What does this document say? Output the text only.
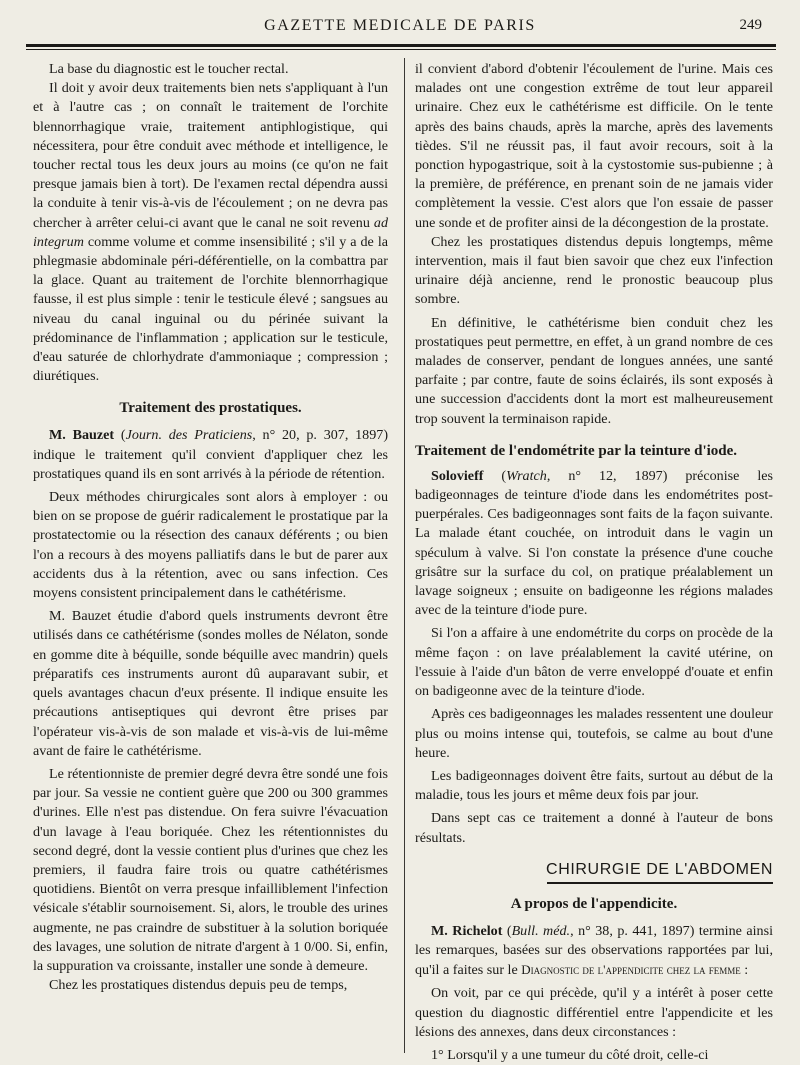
GAZETTE MEDICALE DE PARIS	249

La base du diagnostic est le toucher rectal.

Il doit y avoir deux traitements bien nets s'appliquant à l'un et à l'autre cas ; on connaît le traitement de l'orchite blennorrhagique vraie, traitement antiphlogistique, qui nécessitera, pour être conduit avec méthode et intelligence, le toucher rectal tous les deux jours au moins (ce qu'on ne fait presque jamais bien à tort). De l'examen rectal dépendra aussi la conduite à tenir vis-à-vis de l'écoulement ; on ne devra pas chercher à arrêter celui-ci avant que le canal ne soit revenu ad integrum comme volume et comme insensibilité ; s'il y a de la phlegmasie abdominale péri-déférentielle, on la combattra par la glace. Quant au traitement de l'orchite blennorrhagique fausse, il est plus simple : tenir le testicule élevé ; sangsues au niveau du canal inguinal ou du périnée suivant la prédominance de l'inflammation ; application sur le testicule, d'eau saturée de chlorhydrate d'ammoniaque ; compression ; diurétiques.

Traitement des prostatiques.

M. Bauzet (Journ. des Praticiens, n° 20, p. 307, 1897) indique le traitement qu'il convient d'appliquer chez les prostatiques quand ils en sont arrivés à la période de rétention.

Deux méthodes chirurgicales sont alors à employer : ou bien on se propose de guérir radicalement le prostatique par la prostatectomie ou la résection des canaux déférents ; ou bien l'on a recours à des moyens palliatifs dans le but de parer aux accidents dus à la rétention, avec ou sans infection. Ces moyens consistent principalement dans le cathétérisme.

M. Bauzet étudie d'abord quels instruments devront être utilisés dans ce cathétérisme (sondes molles de Nélaton, sonde en gomme dite à béquille, sonde béquille avec mandrin) quels préparatifs ces instruments auront dû auparavant subir, et quels avantages chacun d'eux présente. Il indique ensuite les précautions antiseptiques qui devront être prises par l'opérateur vis-à-vis de son malade et vis-à-vis de lui-même avant de faire le cathétérisme.

Le rétentionniste de premier degré devra être sondé une fois par jour. Sa vessie ne contient guère que 200 ou 300 grammes d'urines. Elle n'est pas distendue. On fera suivre l'évacuation d'un lavage à l'eau boriquée. Chez les rétentionnistes du second degré, dont la vessie contient plus d'urines que chez les premiers, il faudra faire trois ou quatre cathétérismes quotidiens. Bientôt on verra presque infailliblement l'infection vésicale s'établir sournoisement. Si, alors, le trouble des urines augmente, ne pas craindre de substituer à la solution boriquée des lavages, une solution de nitrate d'argent à 1 0/00. Si, enfin, la suppuration va croissante, installer une sonde à demeure.

Chez les prostatiques distendus depuis peu de temps,

il convient d'abord d'obtenir l'écoulement de l'urine. Mais ces malades ont une congestion extrême de tout leur appareil urinaire. Chez eux le cathétérisme est difficile. On le tente après des bains chauds, après la marche, après des lavements tièdes. S'il ne réussit pas, il faut avoir recours, soit à la ponction hypogastrique, soit à la cystostomie sus-pubienne ; à la première, de préférence, en prenant soin de ne jamais vider complètement la vessie. C'est alors que l'on essaie de passer une sonde et de profiter ainsi de la décongestion de la prostate.

Chez les prostatiques distendus depuis longtemps, même intervention, mais il faut bien savoir que chez eux l'infection urinaire déjà ancienne, rend le pronostic beaucoup plus sombre.

En définitive, le cathétérisme bien conduit chez les prostatiques peut permettre, en effet, à un grand nombre de ces malades de conserver, pendant de longues années, une santé parfaite ; par contre, faute de soins éclairés, ils sont exposés à une succession d'accidents dont la mort est malheureusement trop souvent la terminaison rapide.

Traitement de l'endométrite par la teinture d'iode.

Solovieff (Wratch, n° 12, 1897) préconise les badigeonnages de teinture d'iode dans les endométrites post-puerpérales. Ces badigeonnages sont faits de la façon suivante. La malade étant couchée, on introduit dans le vagin un spéculum à valve. Si l'on constate la présence d'une couche grisâtre sur la surface du col, on pratique préalablement un lavage soigneux ; ensuite on badigeonne les régions malades avec de la teinture d'iode pure.

Si l'on a affaire à une endométrite du corps on procède de la même façon : on lave préalablement la cavité utérine, on l'essuie à l'aide d'un bâton de verre enveloppé d'ouate et enfin on badigeonne avec de la teinture d'iode.

Après ces badigeonnages les malades ressentent une douleur plus ou moins intense qui, toutefois, se calme au bout d'une heure.

Les badigeonnages doivent être faits, surtout au début de la maladie, tous les jours et même deux fois par jour.

Dans sept cas ce traitement a donné à l'auteur de bons résultats.

CHIRURGIE DE L'ABDOMEN
A propos de l'appendicite.

M. Richelot (Bull. méd., n° 38, p. 441, 1897) termine ainsi les remarques, basées sur des observations rapportées par lui, qu'il a faites sur le Diagnostic de l'appendicite chez la femme :

On voit, par ce qui précède, qu'il y a intérêt à poser cette question du diagnostic différentiel entre l'appendicite et les lésions des annexes, dans deux circonstances :

1° Lorsqu'il y a une tumeur du côté droit, celle-ci
